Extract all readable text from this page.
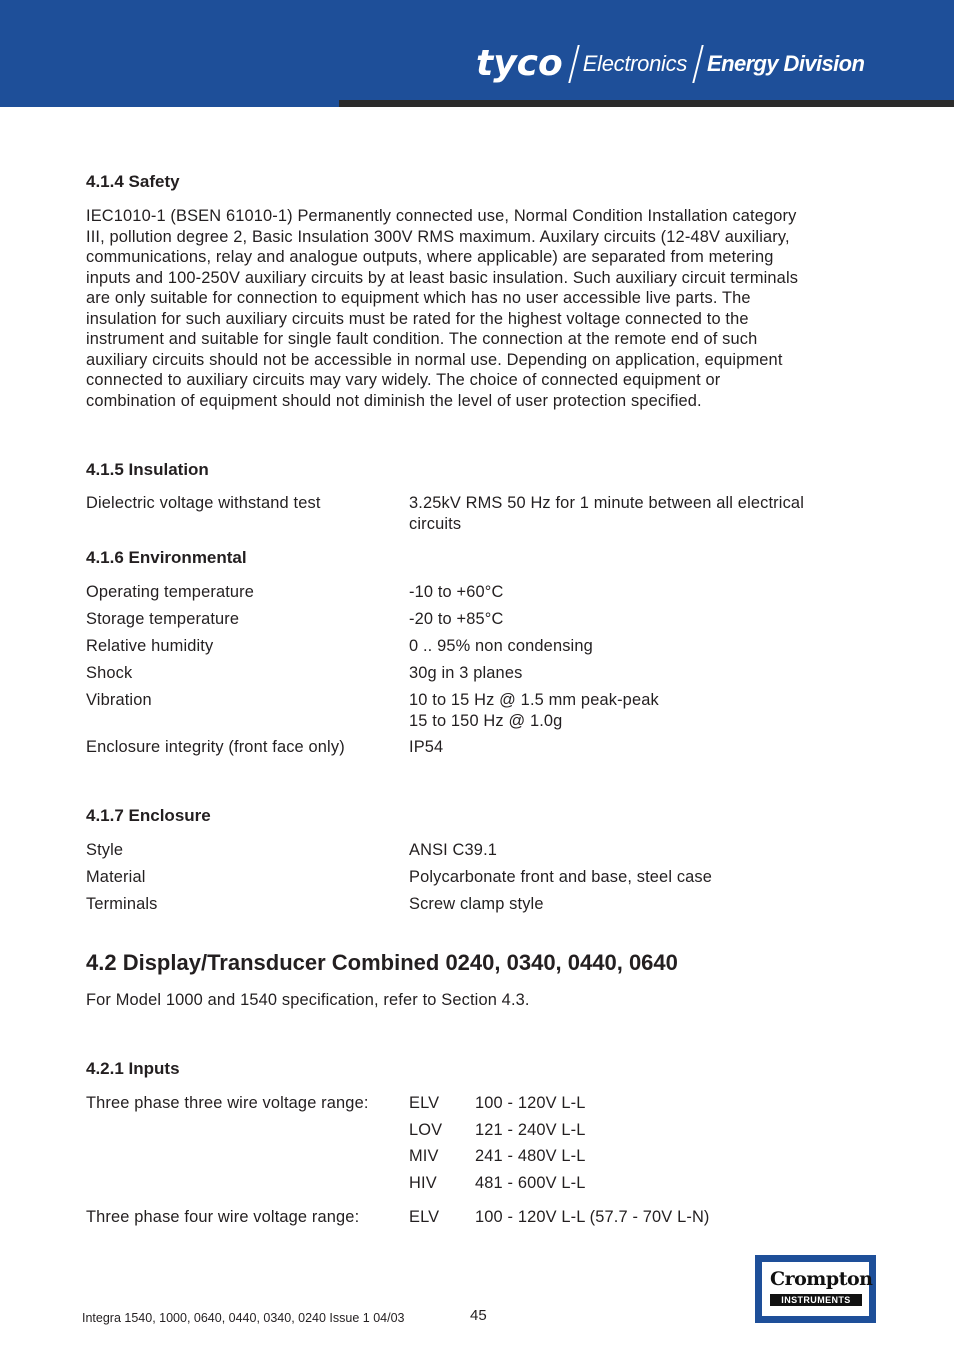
tyco Electronics Energy Division
4.1.4 Safety
IEC1010-1 (BSEN 61010-1) Permanently connected use, Normal Condition Installation category
III, pollution degree 2, Basic Insulation 300V RMS maximum. Auxilary circuits (12-48V auxiliary,
communications, relay and analogue outputs, where applicable) are separated from metering
inputs and 100-250V auxiliary circuits by at least basic insulation. Such auxiliary circuit terminals
are only suitable for connection to equipment which has no user accessible live parts. The
insulation for such auxiliary circuits must be rated for the highest voltage connected to the
instrument and suitable for single fault condition. The connection at the remote end of such
auxiliary circuits should not be accessible in normal use. Depending on application, equipment
connected to auxiliary circuits may vary widely. The choice of connected equipment or
combination of equipment should not diminish the level of user protection specified.
4.1.5 Insulation
Dielectric voltage withstand test	3.25kV RMS 50 Hz for 1 minute between all electrical
circuits
4.1.6 Environmental
Operating temperature	-10 to +60°C
Storage temperature	-20 to +85°C
Relative humidity	0 .. 95% non condensing
Shock	30g in 3 planes
Vibration	10 to 15 Hz @ 1.5 mm peak-peak
15 to 150 Hz @ 1.0g
Enclosure integrity (front face only)	IP54
4.1.7 Enclosure
Style	ANSI C39.1
Material	Polycarbonate front and base, steel case
Terminals	Screw clamp style
4.2 Display/Transducer Combined 0240, 0340, 0440, 0640
For Model 1000 and 1540 specification, refer to Section 4.3.
4.2.1 Inputs
Three phase three wire voltage range: ELV 100 - 120V L-L
LOV 121 - 240V L-L
MIV 241 - 480V L-L
HIV 481 - 600V L-L
Three phase four wire voltage range:	ELV 100 - 120V L-L (57.7 - 70V L-N)
Integra 1540, 1000, 0640, 0440, 0340, 0240 Issue 1 04/03	45
Crompton
INSTRUMENTS
